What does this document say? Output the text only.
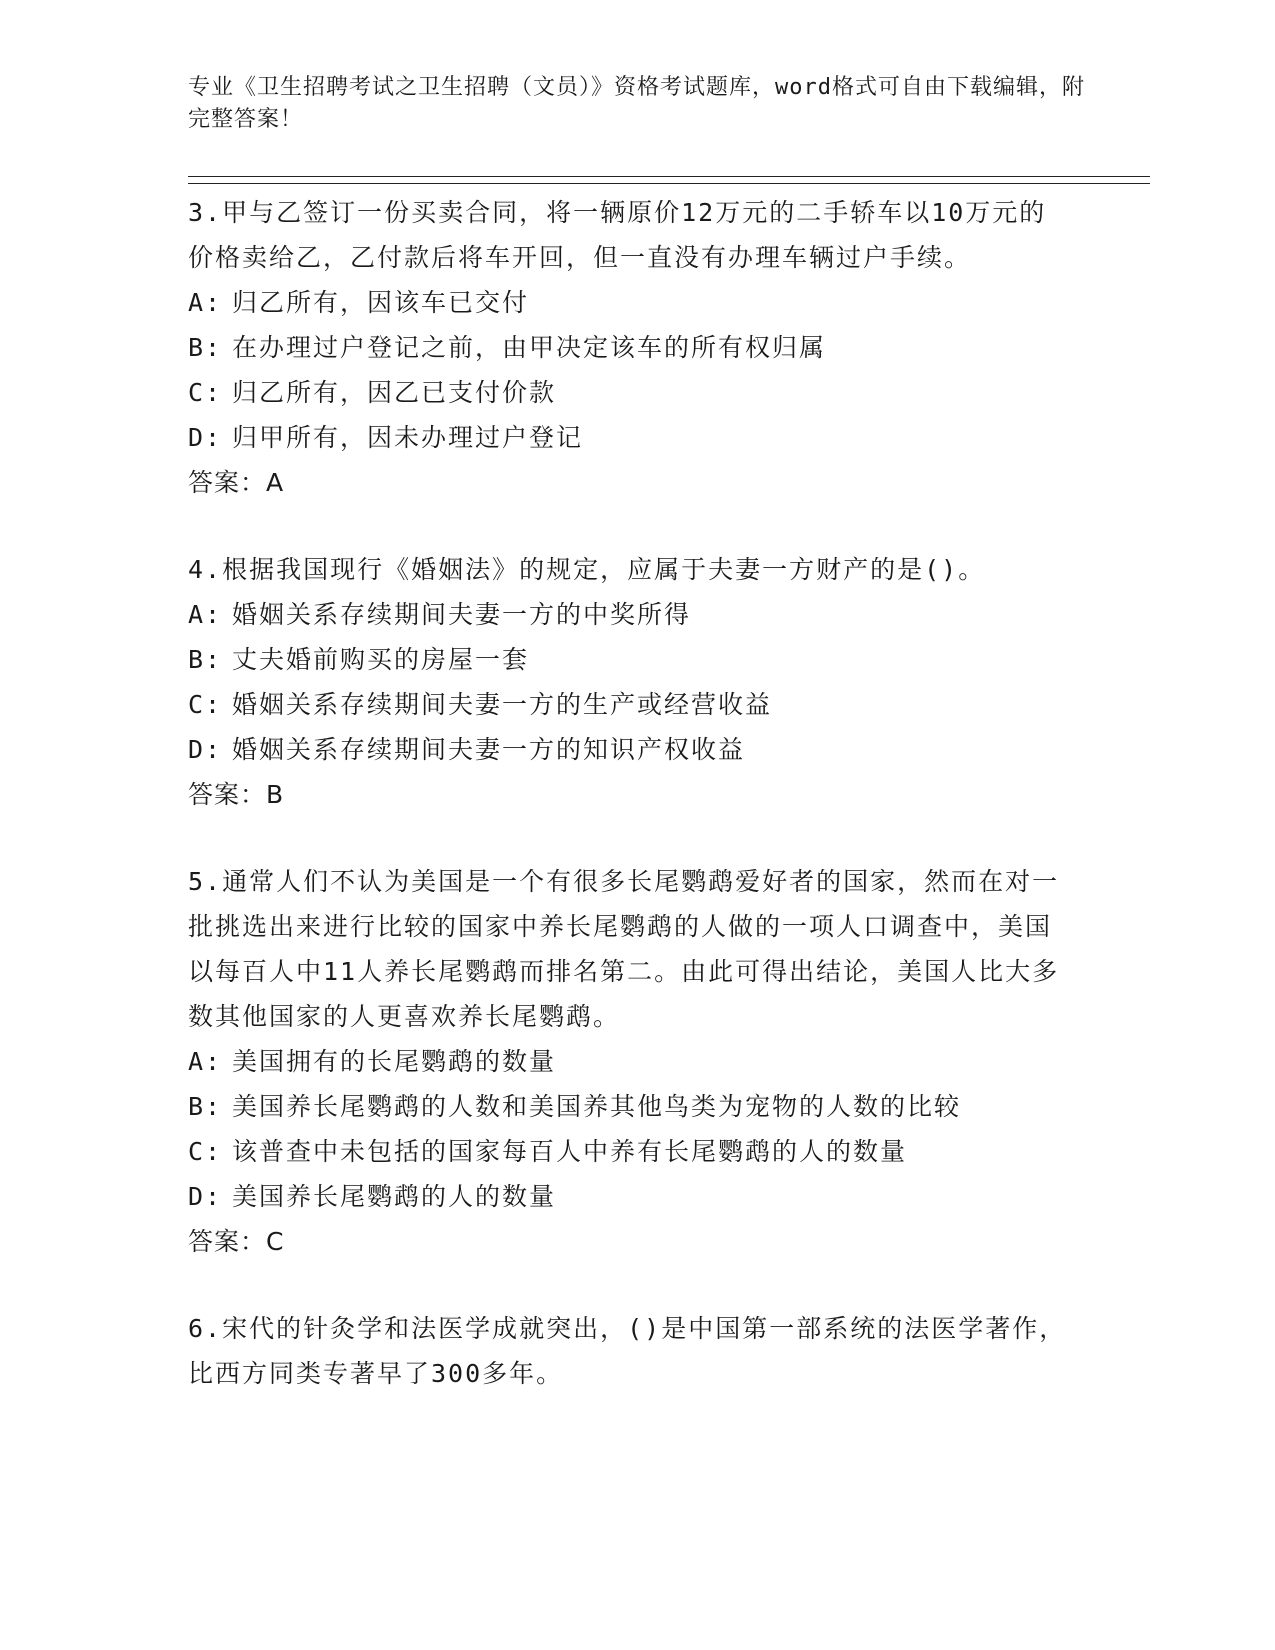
专业《卫生招聘考试之卫生招聘（文员）》资格考试题库，word格式可自由下载编辑，附完整答案！

3.甲与乙签订一份买卖合同，将一辆原价12万元的二手轿车以10万元的价格卖给乙，乙付款后将车开回，但一直没有办理车辆过户手续。

A: 归乙所有，因该车已交付

B: 在办理过户登记之前，由甲决定该车的所有权归属

C: 归乙所有，因乙已支付价款

D: 归甲所有，因未办理过户登记

答案：A

4.根据我国现行《婚姻法》的规定，应属于夫妻一方财产的是()。

A: 婚姻关系存续期间夫妻一方的中奖所得

B: 丈夫婚前购买的房屋一套

C: 婚姻关系存续期间夫妻一方的生产或经营收益

D: 婚姻关系存续期间夫妻一方的知识产权收益

答案：B

5.通常人们不认为美国是一个有很多长尾鹦鹉爱好者的国家，然而在对一批挑选出来进行比较的国家中养长尾鹦鹉的人做的一项人口调查中，美国以每百人中11人养长尾鹦鹉而排名第二。由此可得出结论，美国人比大多数其他国家的人更喜欢养长尾鹦鹉。

A: 美国拥有的长尾鹦鹉的数量

B: 美国养长尾鹦鹉的人数和美国养其他鸟类为宠物的人数的比较

C: 该普查中未包括的国家每百人中养有长尾鹦鹉的人的数量

D: 美国养长尾鹦鹉的人的数量

答案：C

6.宋代的针灸学和法医学成就突出，()是中国第一部系统的法医学著作，比西方同类专著早了300多年。
